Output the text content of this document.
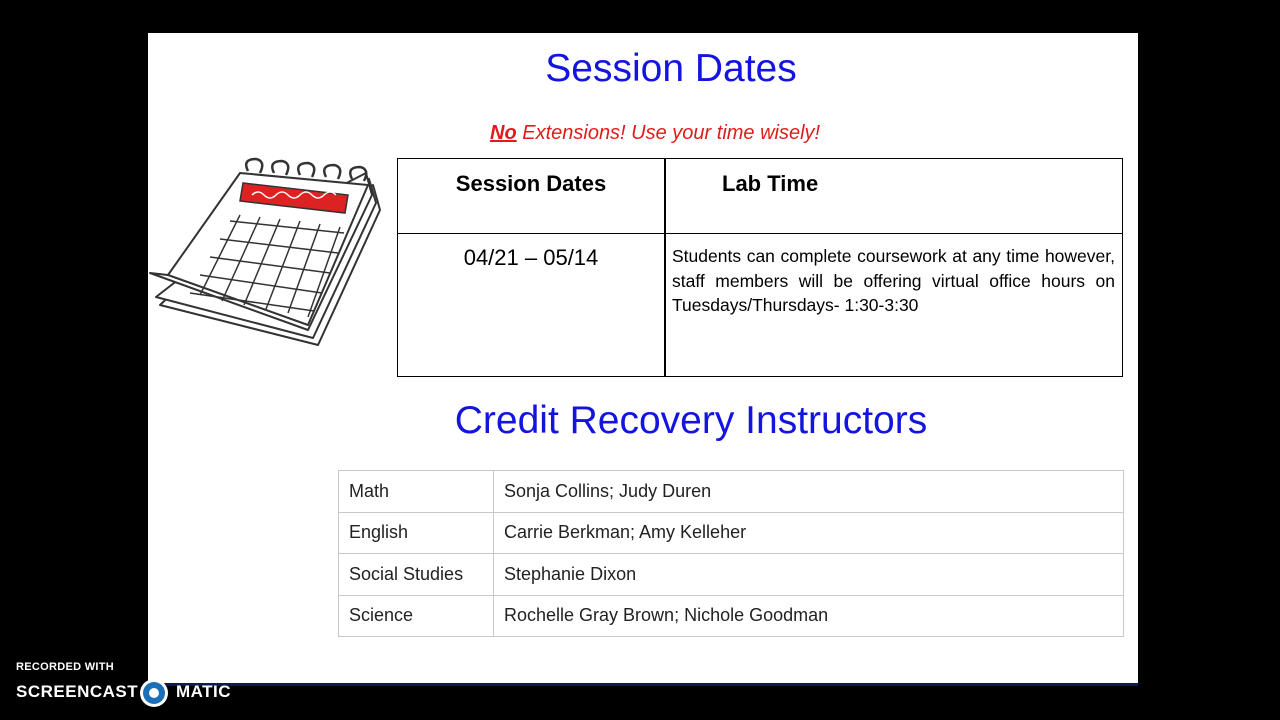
Session Dates
No Extensions! Use your time wisely!
Session Dates	Lab Time
04/21 – 05/14	Students can complete coursework at any time however, staff members will be offering virtual office hours on Tuesdays/Thursdays- 1:30-3:30
Credit Recovery Instructors
Math	Sonja Collins; Judy Duren
English	Carrie Berkman; Amy Kelleher
Social Studies	Stephanie Dixon
Science	Rochelle Gray Brown; Nichole Goodman
RECORDED WITH
SCREENCAST MATIC
